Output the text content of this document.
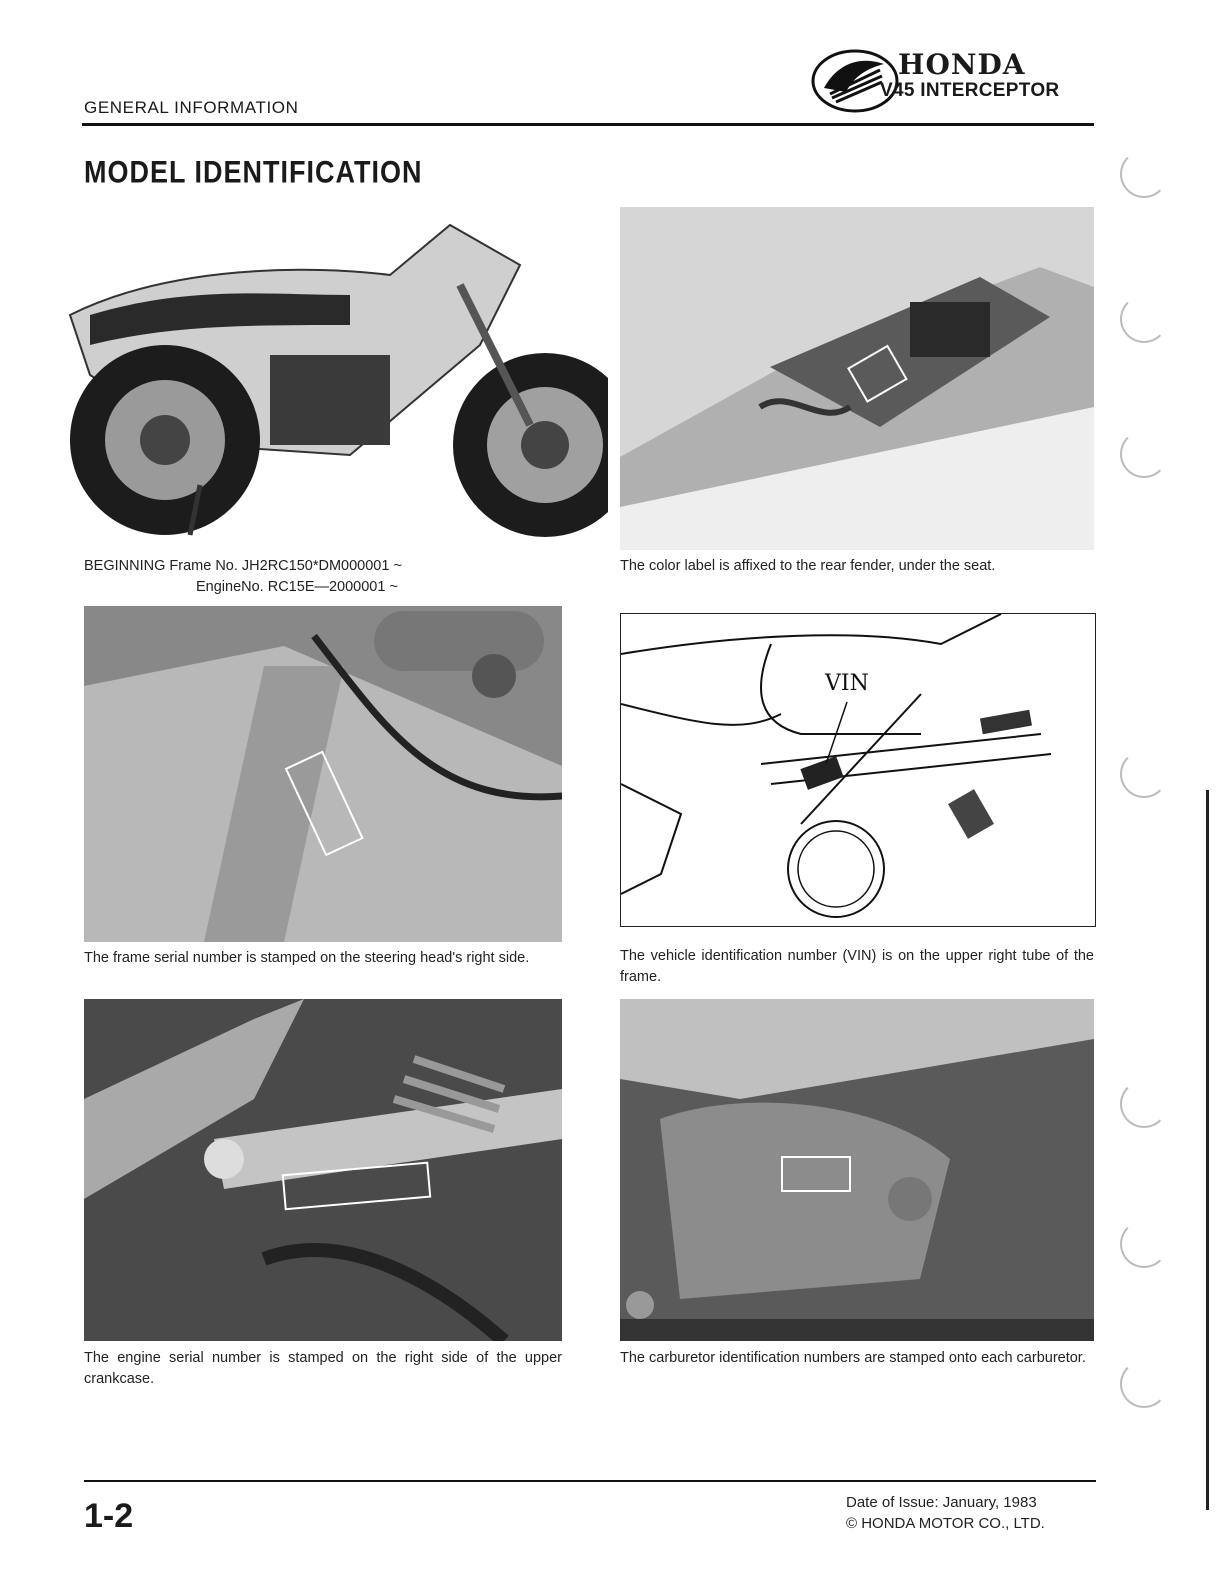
GENERAL INFORMATION
HONDA
V45 INTERCEPTOR
MODEL IDENTIFICATION
BEGINNING Frame No. JH2RC150*DM000001 ~
EngineNo. RC15E—2000001 ~
The color label is affixed to the rear fender, under the seat.
The frame serial number is stamped on the steering head's right side.
VIN
The vehicle identification number (VIN) is on the upper right tube of the frame.
The engine serial number is stamped on the right side of the upper crankcase.
The carburetor identification numbers are stamped onto each carburetor.
1-2	Date of Issue: January, 1983
© HONDA MOTOR CO., LTD.
